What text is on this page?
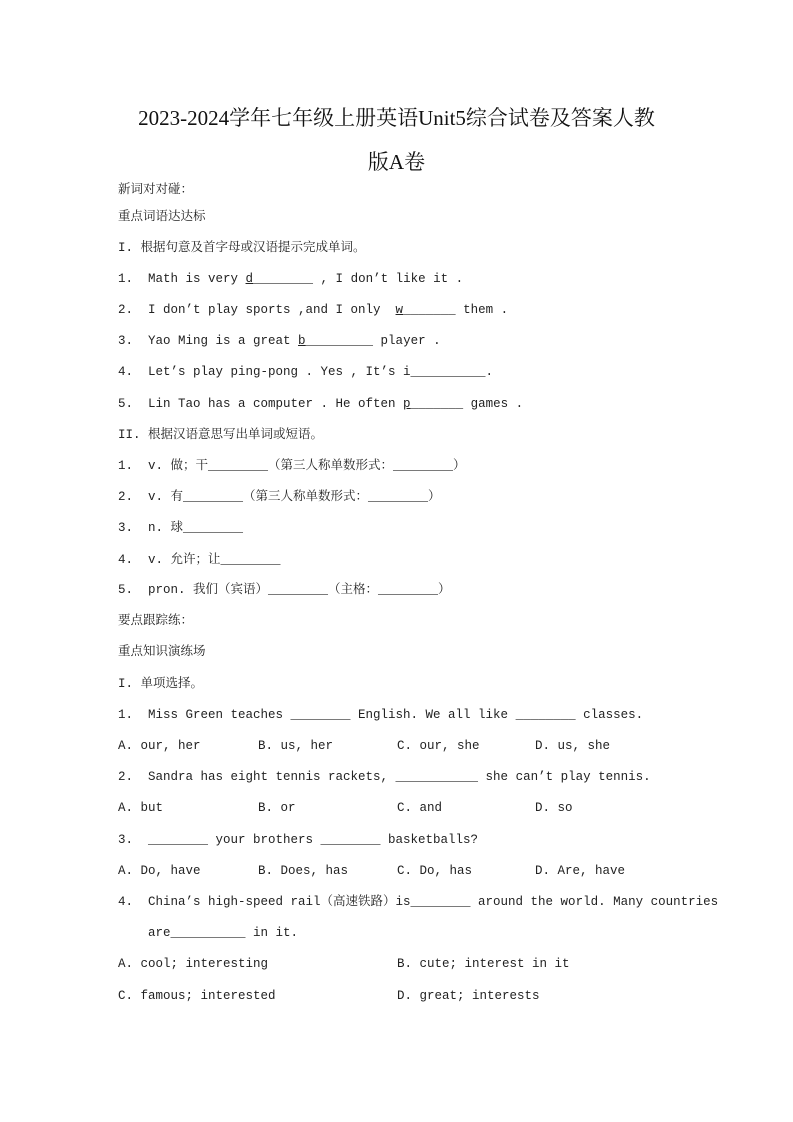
2023-2024学年七年级上册英语Unit5综合试卷及答案人教
版A卷
新词对对碰：
重点词语达达标
I. 根据句意及首字母或汉语提示完成单词。
1.  Math is very d________ , I don’t like it .
2.  I don’t play sports ,and I only  w_______ them .
3.  Yao Ming is a great b_________ player .
4.  Let’s play ping-pong . Yes , It’s i__________.
5.  Lin Tao has a computer . He often p_______ games .
II. 根据汉语意思写出单词或短语。
1.  v. 做；干________（第三人称单数形式：________）
2.  v. 有________（第三人称单数形式：________）
3.  n. 球________
4.  v. 允许；让________
5.  pron. 我们（宾语）________（主格：________）
要点跟踪练：
重点知识演练场
I. 单项选择。
1.  Miss Green teaches ________ English. We all like ________ classes.
A. our, her	B. us, her	C. our, she	D. us, she
2.  Sandra has eight tennis rackets, ___________ she can’t play tennis.
A. but	B. or	C. and	D. so
3.  ________ your brothers ________ basketballs?
A. Do, have	B. Does, has	C. Do, has	D. Are, have
4.  China’s high-speed rail（高速铁路）is________ around the world. Many countries
are__________ in it.
A. cool; interesting	B. cute; interest in it
C. famous; interested	D. great; interests
